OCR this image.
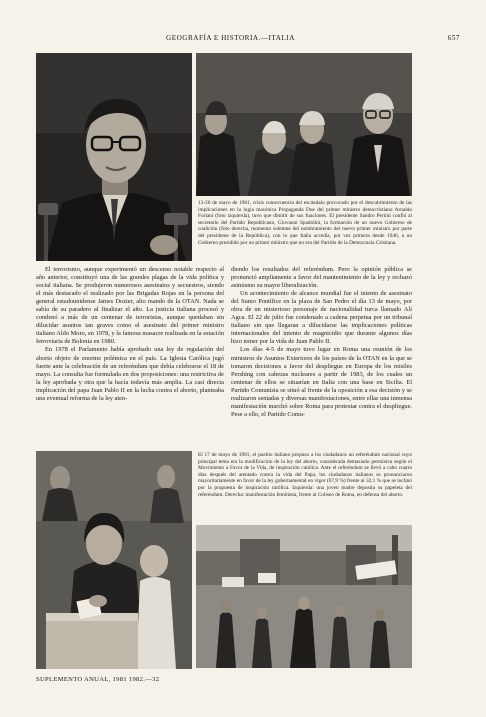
GEOGRAFÍA E HISTORIA.—ITALIA	657
13-26 de mayo de 1981, crisis consecuencia del escándalo provocado por el descubrimiento de las implicaciones en la logia masónica Propaganda Due del primer ministro democristiano Arnaldo Forlani (foto izquierda), tuvo que dimitir de sus funciones. El presidente Sandro Pertini confió al secretario del Partido Republicano, Giovanni Spadolini, la formación de un nuevo Gobierno de coalición (foto derecha, momento solemne del nombramiento del nuevo primer ministro por parte del presidente de la República), con lo que Italia accedía, por vez primera desde 1946, a un Gobierno presidido por un primer ministro que no era del Partido de la Democracia Cristiana.

El terrorismo, aunque experimentó un descenso notable respecto al año anterior, constituyó una de las grandes plagas de la vida política y social italiana. Se produjeron numerosos asesinatos y secuestros, siendo el más destacado el realizado por las Brigadas Rojas en la persona del general estadounidense James Dozier, alto mando de la OTAN. Nada se sabía de su paradero al finalizar el año. La justicia italiana procesó y condenó a más de un centenar de terroristas, aunque quedaban sin dilucidar asuntos tan graves como el asesinato del primer ministro italiano Aldo Moro, en 1978, y la famosa masacre realizada en la estación ferroviaria de Bolonia en 1980.

En 1978 el Parlamento había aprobado una ley de regulación del aborto objeto de enorme polémica en el país. La Iglesia Católica jugó fuerte ante la celebración de un referéndum que debía celebrarse el 18 de mayo. La consulta fue formulada en dos proposiciones: una restrictiva de la ley aprobada y otra que la hacía todavía más amplia. La casi directa implicación del papa Juan Pablo II en la lucha contra el aborto, planteaba una eventual reforma de la ley aten-

diendo los resultados del referéndum. Pero la opinión pública se pronunció ampliamente a favor del mantenimiento de la ley y rechazó asimismo su mayor liberalización.

Un acontecimiento de alcance mundial fue el intento de asesinato del Sumo Pontífice en la plaza de San Pedro el día 13 de mayo, por obra de un misterioso personaje de nacionalidad turca llamado Alí Agca. El 22 de julio fue condenado a cadena perpetua por un tribunal italiano sin que llegaran a dilucidarse las implicaciones políticas internacionales del intento de magnicidio que durante algunos días hizo temer por la vida de Juan Pablo II.

Los días 4-5 de mayo tuvo lugar en Roma una reunión de los ministros de Asuntos Exteriores de los países de la OTAN en la que se tomaron decisiones a favor del despliegue en Europa de los misiles Pershing con cabezas nucleares a partir de 1983, de los cuales un centenar de ellos se situarían en Italia con una base en Sicilia. El Partido Comunista se situó al frente de la oposición a esa decisión y se realizaron sentadas y diversas manifestaciones, entre ellas una inmensa manifestación marchó sobre Roma para protestar contra el despliegue. Pese a ello, el Partido Comu-

El 17 de mayo de 1981, el pueblo italiano propuso a los ciudadanos un referéndum nacional cuyo principal tema era la modificación de la ley del aborto, considerada demasiado permisiva según el Movimiento a Favor de la Vida, de inspiración católica. Ante el referéndum se llevó a cabo cuatro días después del atentado contra la vida del Papa, los ciudadanos italianos se pronunciaron mayoritariamente en favor de la ley gubernamental en vigor (67,9 %) frente al 32,1 % que se inclinó por la propuesta de inspiración católica. Izquierda: una joven madre deposita su papeleta del referéndum. Derecha: manifestación feminista, frente al Coliseo de Roma, en defensa del aborto.
SUPLEMENTO ANUAL, 1981 1982.—32
